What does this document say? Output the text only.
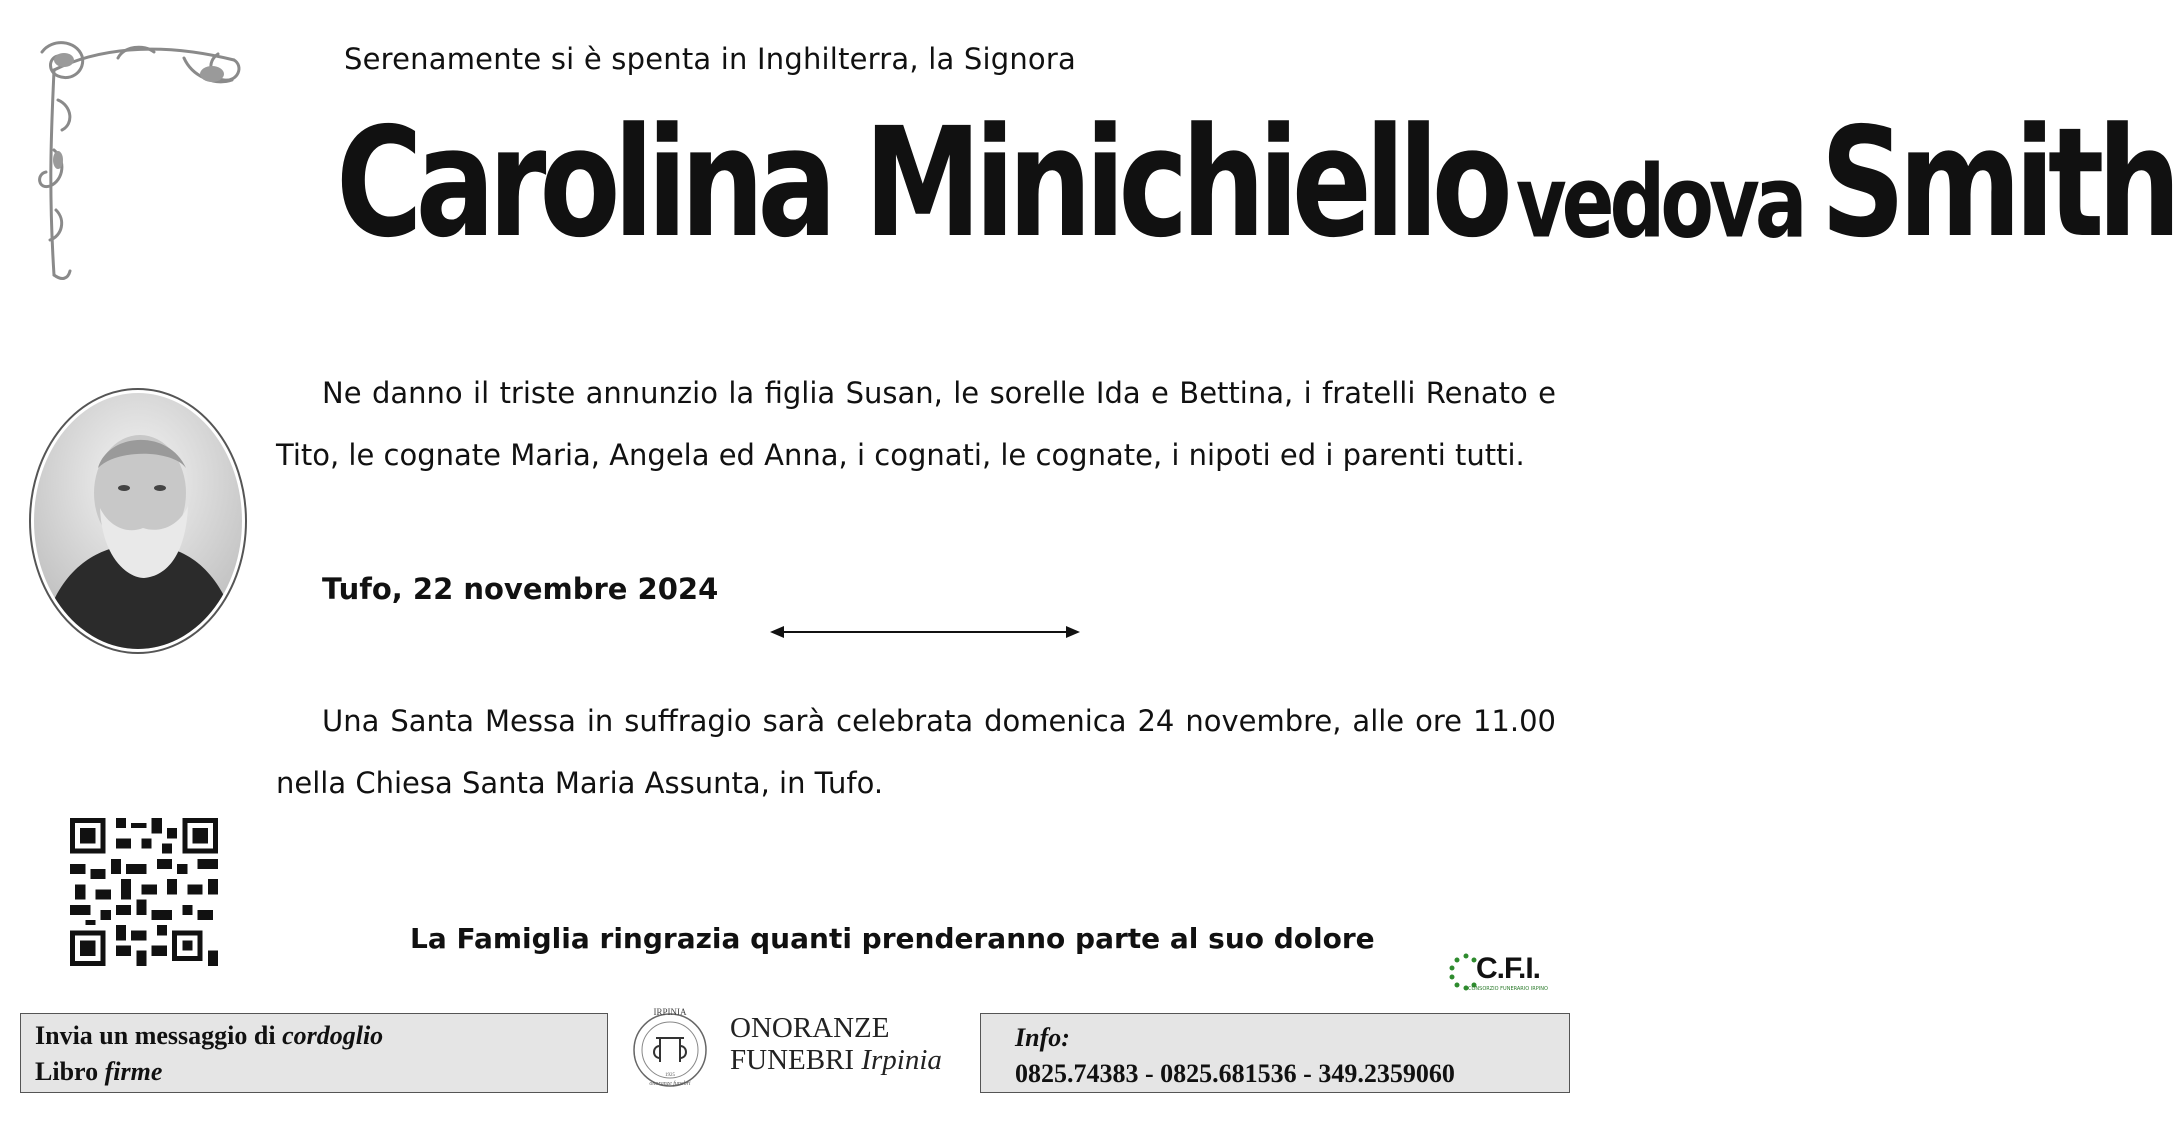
Serenamente si è spenta in Inghilterra, la Signora
Carolina Minichiello vedova Smith

Ne danno il triste annunzio la figlia Susan, le sorelle Ida e Bettina, i fratelli Renato e Tito, le cognate Maria, Angela ed Anna, i cognati, le cognate, i nipoti ed i parenti tutti.

Tufo, 22 novembre 2024

Una Santa Messa in suffragio sarà celebrata domenica 24 novembre, alle ore 11.00 nella Chiesa Santa Maria Assunta, in Tufo.

La Famiglia ringrazia quanti prenderanno parte al suo dolore
C.F.I.
CONSORZIO FUNERARIO IRPINO
Invia un messaggio di cordoglio
Libro firme
IRPINIA
onoranze funebri
1925
ONORANZE
FUNEBRI Irpinia
Info:
0825.74383 - 0825.681536 - 349.2359060
